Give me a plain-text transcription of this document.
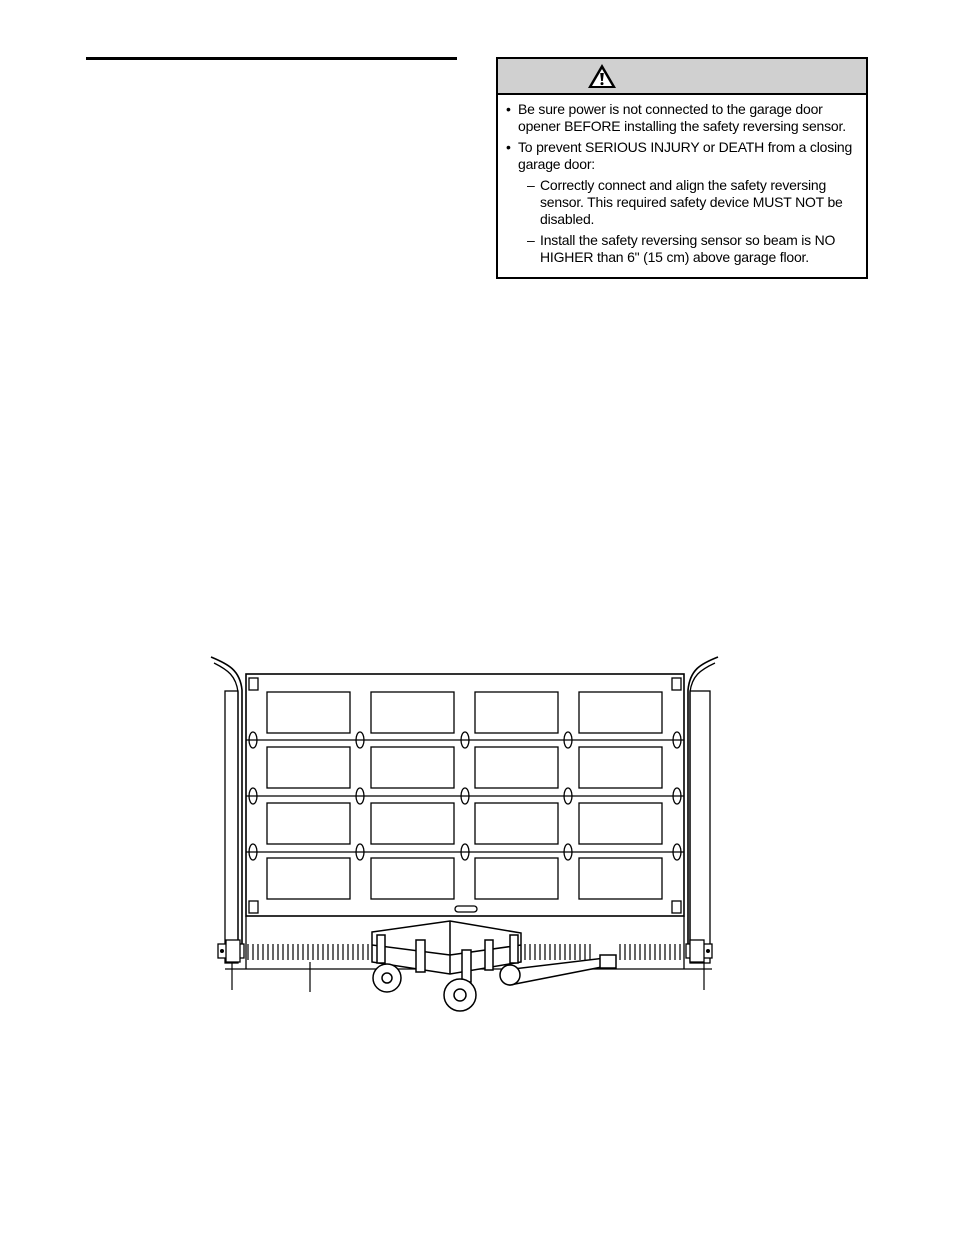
• Be sure power is not connected to the garage door opener BEFORE installing the safety reversing sensor.
• To prevent SERIOUS INJURY or DEATH from a closing garage door:
– Correctly connect and align the safety reversing sensor. This required safety device MUST NOT be disabled.
– Install the safety reversing sensor so beam is NO HIGHER than 6" (15 cm) above garage floor.
